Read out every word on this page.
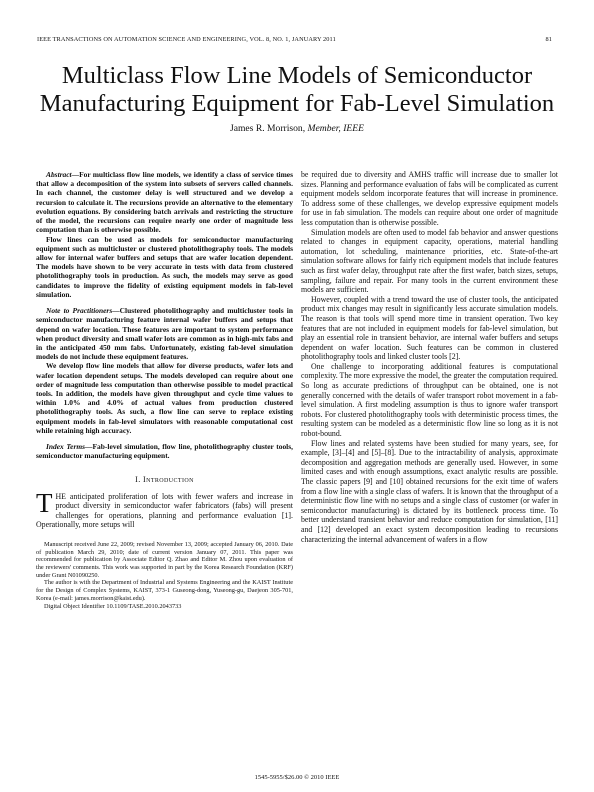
IEEE TRANSACTIONS ON AUTOMATION SCIENCE AND ENGINEERING, VOL. 8, NO. 1, JANUARY 2011	81
Multiclass Flow Line Models of Semiconductor Manufacturing Equipment for Fab-Level Simulation
James R. Morrison, Member, IEEE

Abstract—For multiclass flow line models, we identify a class of service times that allow a decomposition of the system into subsets of servers called channels. In each channel, the customer delay is well structured and we develop a recursion to calculate it. The recursions provide an alternative to the elementary evolution equations. By considering batch arrivals and restricting the structure of the model, the recursions can require nearly one order of magnitude less computation than is otherwise possible.

Flow lines can be used as models for semiconductor manufacturing equipment such as multicluster or clustered photolithography tools. The models allow for internal wafer buffers and setups that are wafer location dependent. The models have shown to be very accurate in tests with data from clustered photolithography tools in production. As such, the models may serve as good candidates to improve the fidelity of existing equipment models in fab-level simulation.

Note to Practitioners—Clustered photolithography and multicluster tools in semiconductor manufacturing feature internal wafer buffers and setups that depend on wafer location. These features are important to system performance when product diversity and small wafer lots are common as in high-mix fabs and in the anticipated 450 mm fabs. Unfortunately, existing fab-level simulation models do not include these equipment features.

We develop flow line models that allow for diverse products, wafer lots and wafer location dependent setups. The models developed can require about one order of magnitude less computation than otherwise possible to model practical tools. In addition, the models have given throughput and cycle time values to within 1.0% and 4.0% of actual values from production clustered photolithography tools. As such, a flow line can serve to replace existing equipment models in fab-level simulators with reasonable computational cost while retaining high accuracy.

Index Terms—Fab-level simulation, flow line, photolithography cluster tools, semiconductor manufacturing equipment.

I. Introduction
T HE anticipated proliferation of lots with fewer wafers and increase in product diversity in semiconductor wafer fabricators (fabs) will present challenges for operations, planning and performance evaluation [1]. Operationally, more setups will

Manuscript received June 22, 2009; revised November 13, 2009; accepted January 06, 2010. Date of publication March 29, 2010; date of current version January 07, 2011. This paper was recommended for publication by Associate Editor Q. Zhao and Editor M. Zhou upon evaluation of the reviewers' comments. This work was supported in part by the Korea Research Foundation (KRF) under Grant N01090250.

The author is with the Department of Industrial and Systems Engineering and the KAIST Institute for the Design of Complex Systems, KAIST, 373-1 Guseong-dong, Yuseong-gu, Daejeon 305-701, Korea (e-mail: james.morrison@kaist.edu).

Digital Object Identifier 10.1109/TASE.2010.2043733

be required due to diversity and AMHS traffic will increase due to smaller lot sizes. Planning and performance evaluation of fabs will be complicated as current equipment models seldom incorporate features that will increase in prominence. To address some of these challenges, we develop expressive equipment models for use in fab simulation. The models can require about one order of magnitude less computation than is otherwise possible.

Simulation models are often used to model fab behavior and answer questions related to changes in equipment capacity, operations, material handling automation, lot scheduling, maintenance priorities, etc. State-of-the-art simulation software allows for fairly rich equipment models that include features such as first wafer delay, throughput rate after the first wafer, batch sizes, setups, sampling, failure and repair. For many tools in the current environment these models are sufficient.

However, coupled with a trend toward the use of cluster tools, the anticipated product mix changes may result in significantly less accurate simulation models. The reason is that tools will spend more time in transient operation. Two key features that are not included in equipment models for fab-level simulation, but play an essential role in transient behavior, are internal wafer buffers and setups dependent on wafer location. Such features can be common in clustered photolithography tools and linked cluster tools [2].

One challenge to incorporating additional features is computational complexity. The more expressive the model, the greater the computation required. So long as accurate predictions of throughput can be obtained, one is not generally concerned with the details of wafer transport robot movement in a fab-level simulation. A first modeling assumption is thus to ignore wafer transport robots. For clustered photolithography tools with deterministic process times, the resulting system can be modeled as a deterministic flow line so long as it is not robot-bound.

Flow lines and related systems have been studied for many years, see, for example, [3]–[4] and [5]–[8]. Due to the intractability of analysis, approximate decomposition and aggregation methods are generally used. However, in some limited cases and with enough assumptions, exact analytic results are possible. The classic papers [9] and [10] obtained recursions for the exit time of wafers from a flow line with a single class of wafers. It is known that the throughput of a deterministic flow line with no setups and a single class of customer (or wafer in semiconductor manufacturing) is dictated by its bottleneck process time. To better understand transient behavior and reduce computation for simulation, [11] and [12] developed an exact system decomposition leading to recursions characterizing the internal advancement of wafers in a flow

1545-5955/$26.00 © 2010 IEEE
